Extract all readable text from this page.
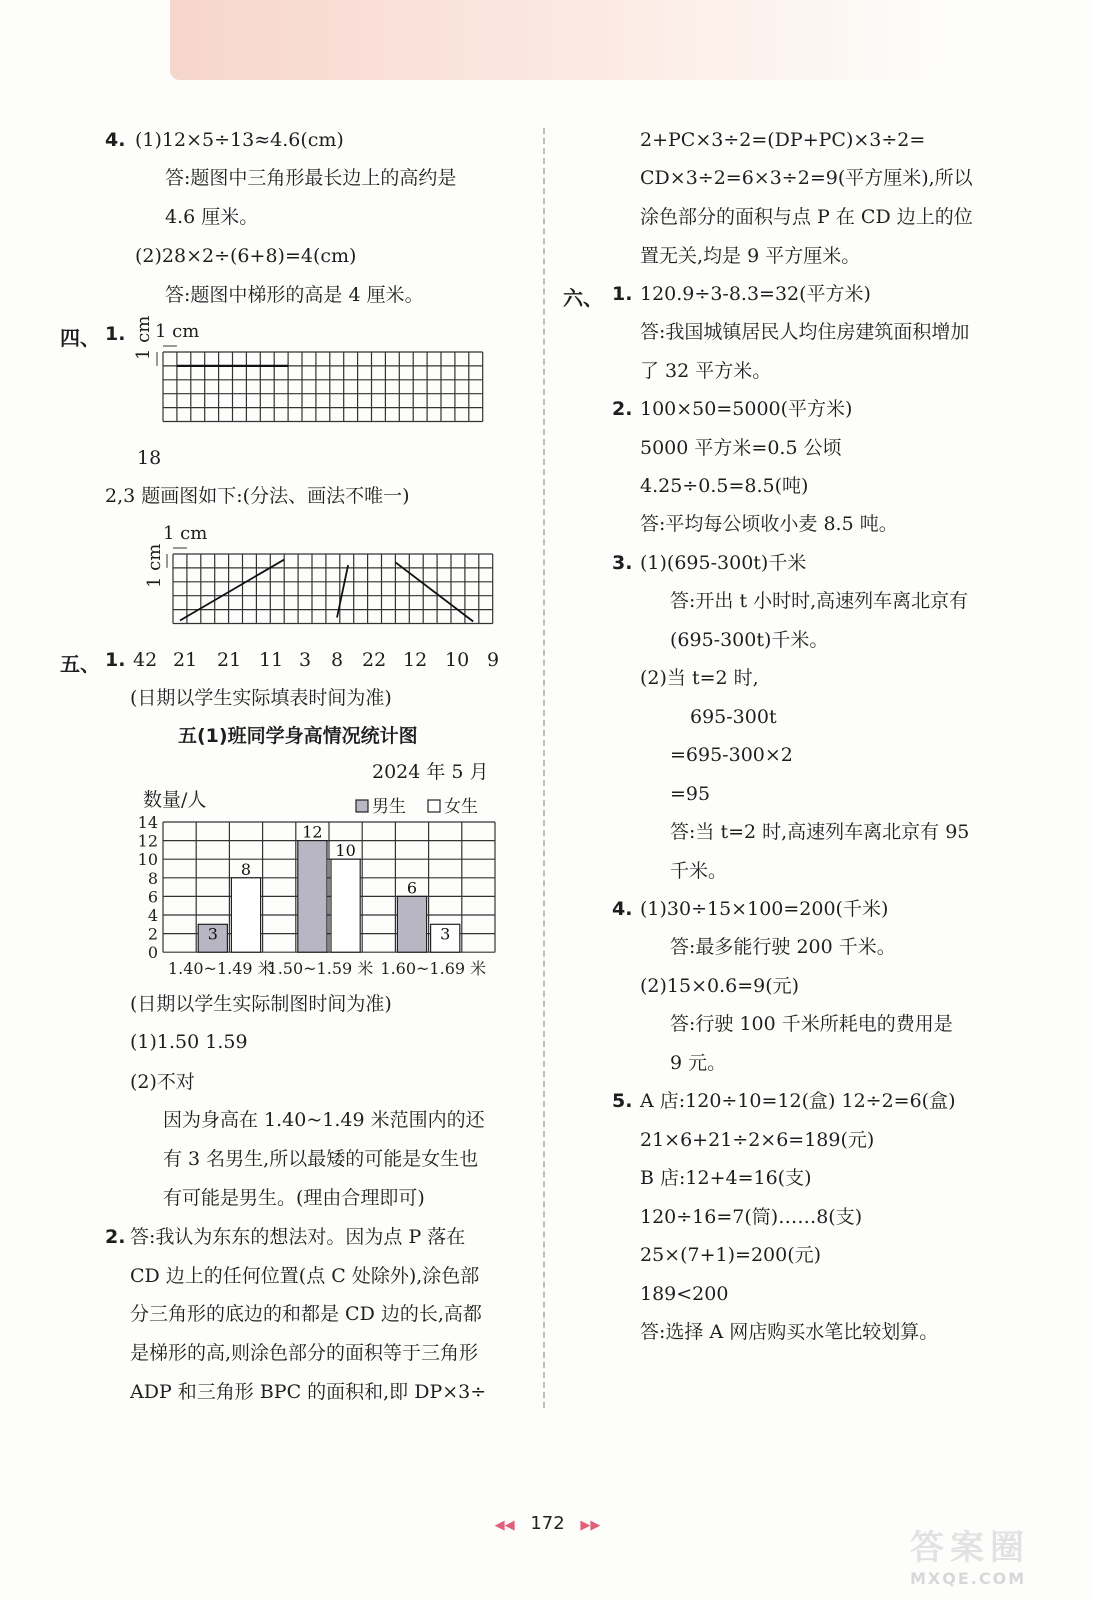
4. (1)12×5÷13≈4.6(cm)
答:题图中三角形最长边上的高约是
4.6 厘米。
(2)28×2÷(6+8)=4(cm)
答:题图中梯形的高是 4 厘米。
四、 1. 1 cm
1 cm
18
2,3 题画图如下:(分法、画法不唯一)
1 cm
1 cm
五、 1. 42 21 21 11 3 8 22 12 10 9
(日期以学生实际填表时间为准)
五(1)班同学身高情况统计图
2024 年 5 月
数量/人
0
2
4
6
8
10
12
14
男生 女生
3
8
12
10
6
3
1.40~1.49 米
1.50~1.59 米 1.60~1.69 米
(日期以学生实际制图时间为准)
(1)1.50 1.59
(2)不对
因为身高在 1.40~1.49 米范围内的还
有 3 名男生,所以最矮的可能是女生也
有可能是男生。(理由合理即可)
2. 答:我认为东东的想法对。因为点 P 落在
CD 边上的任何位置(点 C 处除外),涂色部
分三角形的底边的和都是 CD 边的长,高都
是梯形的高,则涂色部分的面积等于三角形
ADP 和三角形 BPC 的面积和,即 DP×3÷
2+PC×3÷2=(DP+PC)×3÷2=
CD×3÷2=6×3÷2=9(平方厘米),所以
涂色部分的面积与点 P 在 CD 边上的位
置无关,均是 9 平方厘米。
六、 1. 120.9÷3-8.3=32(平方米)
答:我国城镇居民人均住房建筑面积增加
了 32 平方米。
2. 100×50=5000(平方米)
5000 平方米=0.5 公顷
4.25÷0.5=8.5(吨)
答:平均每公顷收小麦 8.5 吨。
3. (1)(695-300t)千米
答:开出 t 小时时,高速列车离北京有
(695-300t)千米。
(2)当 t=2 时,
695-300t
=695-300×2
=95
答:当 t=2 时,高速列车离北京有 95
千米。
4. (1)30÷15×100=200(千米)
答:最多能行驶 200 千米。
(2)15×0.6=9(元)
答:行驶 100 千米所耗电的费用是
9 元。
5. A 店:120÷10=12(盒) 12÷2=6(盒)
21×6+21÷2×6=189(元)
B 店:12+4=16(支)
120÷16=7(筒)……8(支)
25×(7+1)=200(元)
189<200
答:选择 A 网店购买水笔比较划算。
◀◀ 172 ▶▶
答案圈
MXQE.COM
